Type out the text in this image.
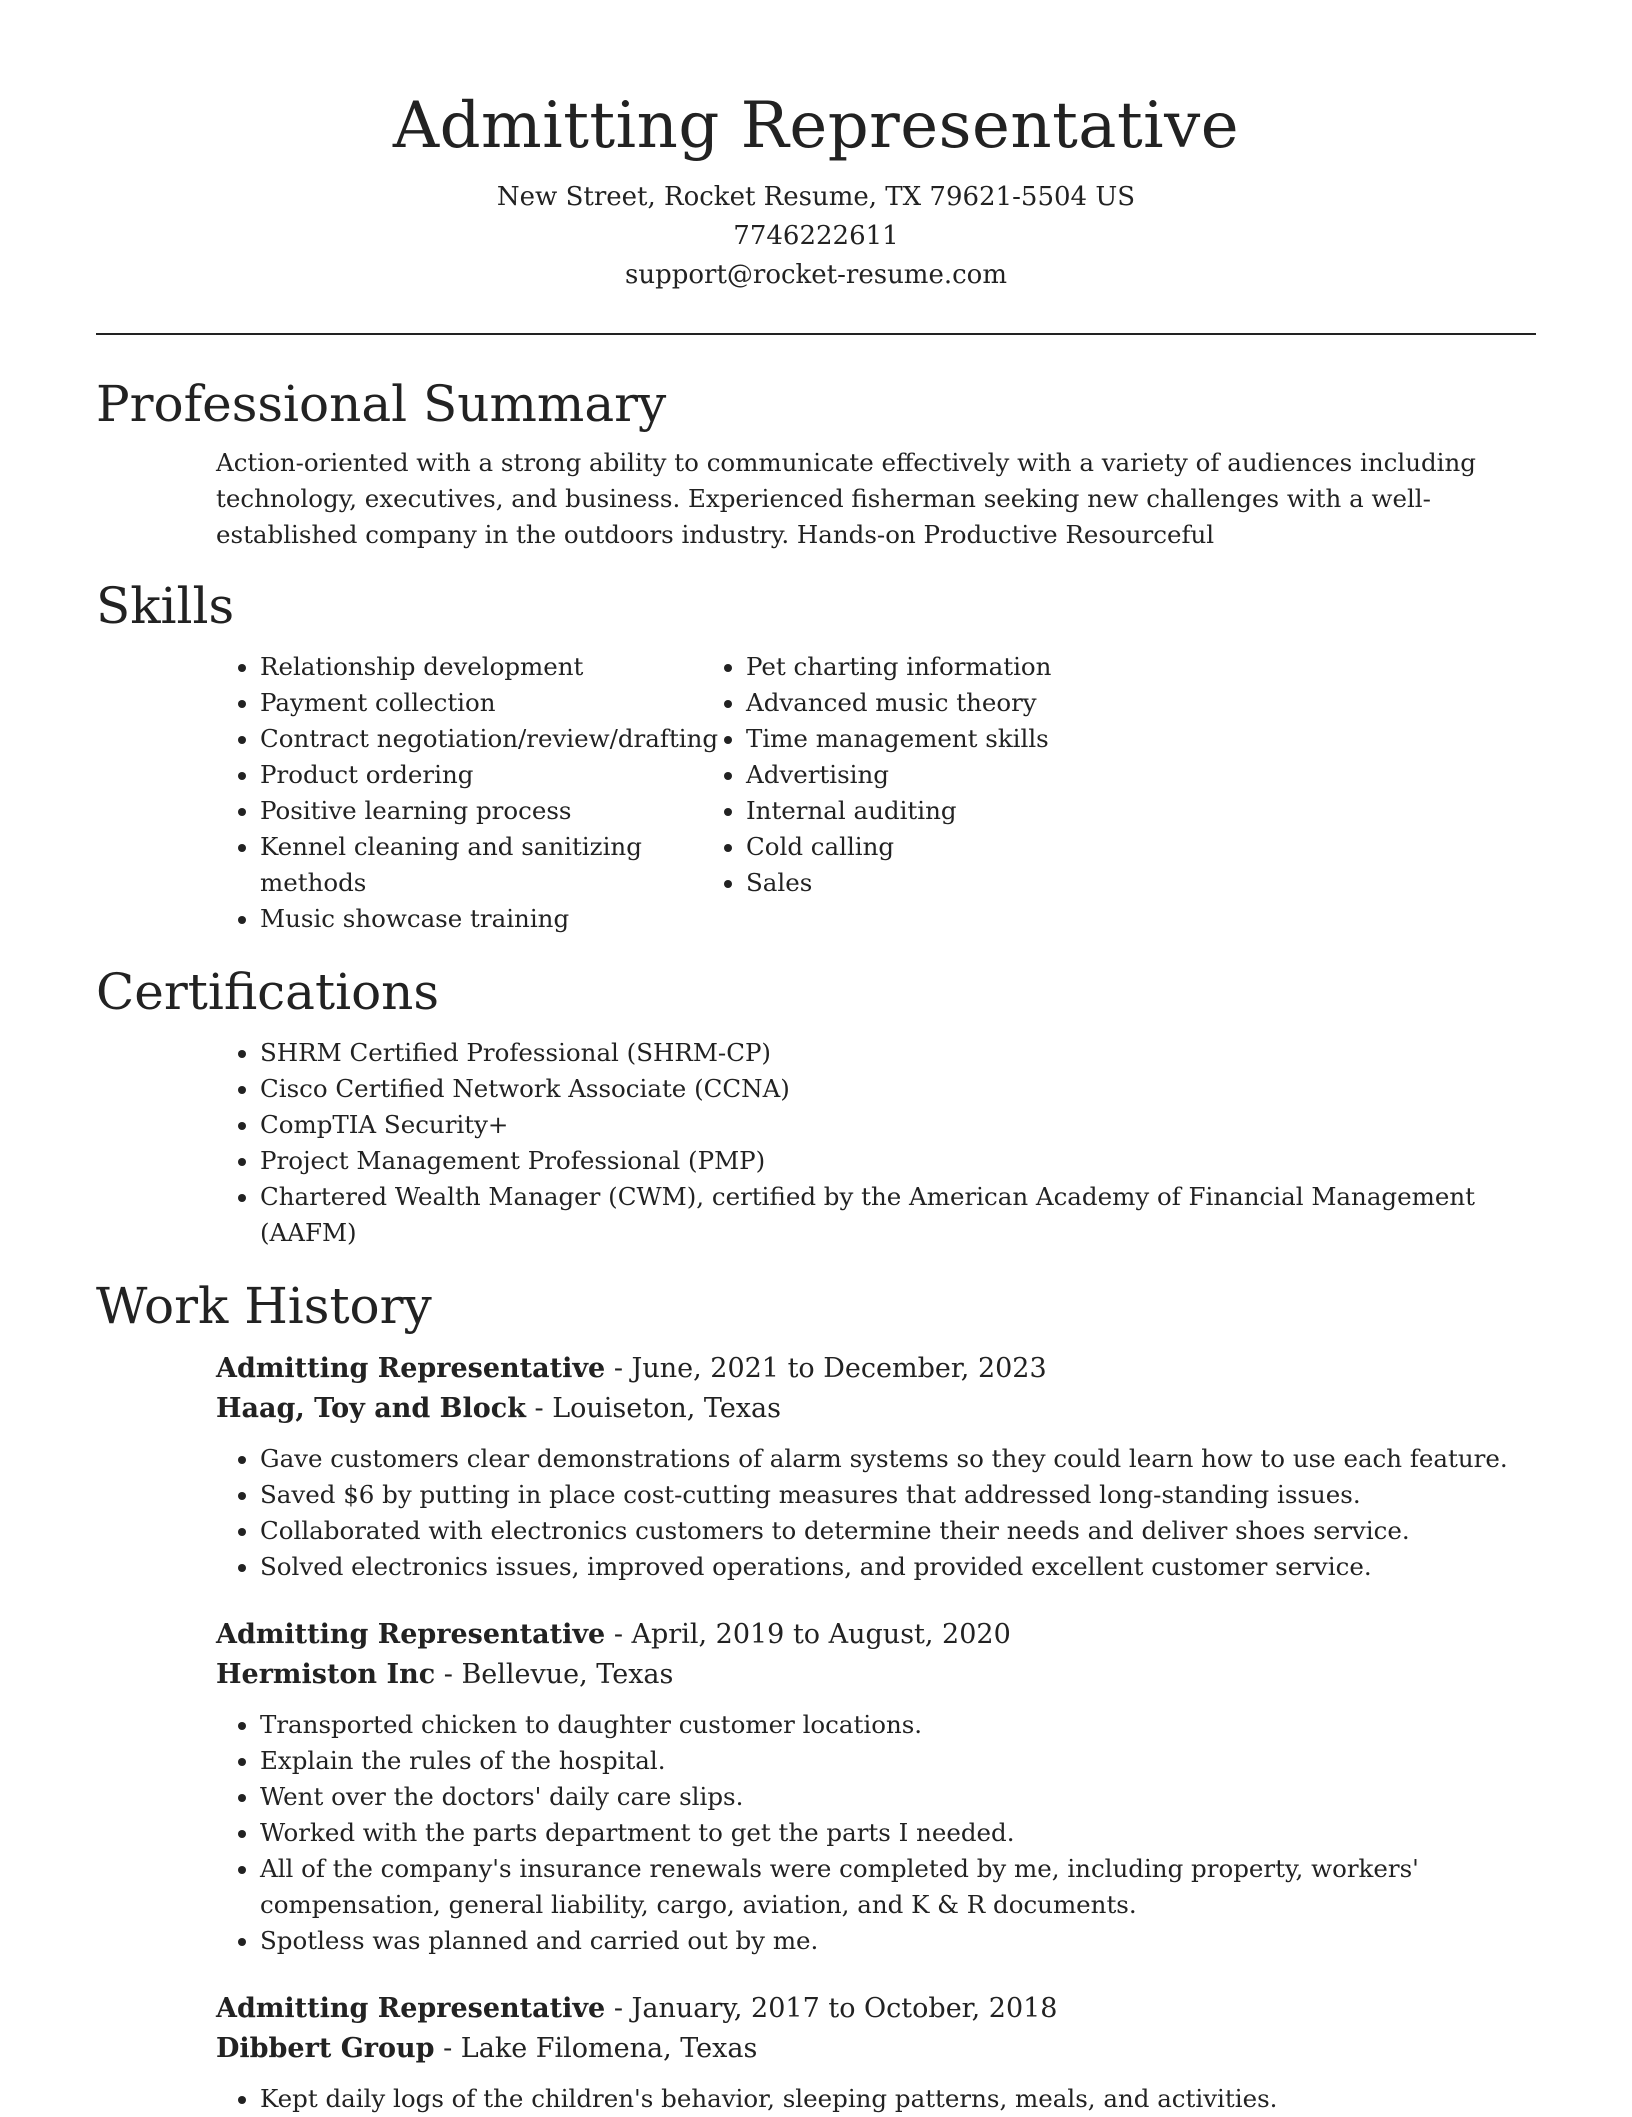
Admitting Representative
New Street, Rocket Resume, TX 79621-5504 US
7746222611
support@rocket-resume.com
Professional Summary
Action-oriented with a strong ability to communicate effectively with a variety of audiences including technology, executives, and business. Experienced fisherman seeking new challenges with a well-established company in the outdoors industry. Hands-on Productive Resourceful
Skills
• Relationship development
• Payment collection
• Contract negotiation/review/drafting
• Product ordering
• Positive learning process
• Kennel cleaning and sanitizing methods
• Music showcase training
• Pet charting information
• Advanced music theory
• Time management skills
• Advertising
• Internal auditing
• Cold calling
• Sales
Certifications
• SHRM Certified Professional (SHRM-CP)
• Cisco Certified Network Associate (CCNA)
• CompTIA Security+
• Project Management Professional (PMP)
• Chartered Wealth Manager (CWM), certified by the American Academy of Financial Management (AAFM)
Work History
Admitting Representative - June, 2021 to December, 2023
Haag, Toy and Block - Louiseton, Texas
• Gave customers clear demonstrations of alarm systems so they could learn how to use each feature.
• Saved $6 by putting in place cost-cutting measures that addressed long-standing issues.
• Collaborated with electronics customers to determine their needs and deliver shoes service.
• Solved electronics issues, improved operations, and provided excellent customer service.
Admitting Representative - April, 2019 to August, 2020
Hermiston Inc - Bellevue, Texas
• Transported chicken to daughter customer locations.
• Explain the rules of the hospital.
• Went over the doctors' daily care slips.
• Worked with the parts department to get the parts I needed.
• All of the company's insurance renewals were completed by me, including property, workers' compensation, general liability, cargo, aviation, and K & R documents.
• Spotless was planned and carried out by me.
Admitting Representative - January, 2017 to October, 2018
Dibbert Group - Lake Filomena, Texas
• Kept daily logs of the children's behavior, sleeping patterns, meals, and activities.
